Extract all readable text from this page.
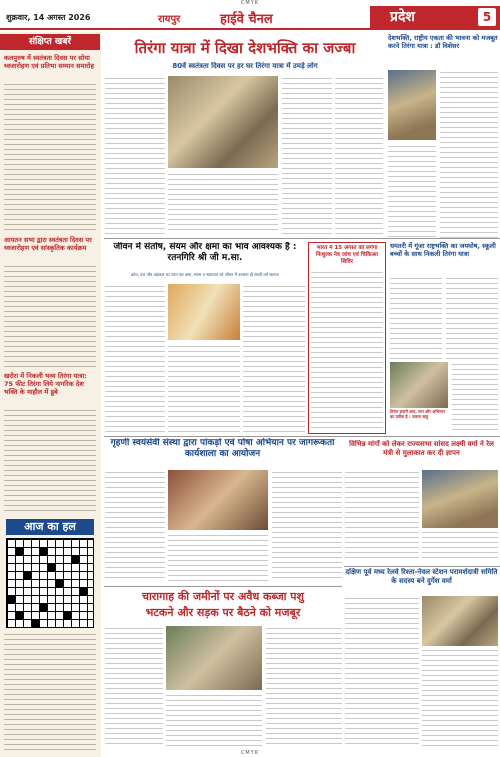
CMYK
शुक्रवार, 14 अगस्त 2026	रायपुर	हाईवे चैनल	प्रदेश	5
संक्षिप्त खबरें
कलपुरुष में स्वतंत्रता दिवस पर सोया ध्वजारोहण एवं प्रतिभा सम्मान समारोह
आयतन सभा द्वारा स्वतंत्रता दिवस पर ध्वजारोहण एवं सांस्कृतिक कार्यक्रम
खरोरा में निकली भव्य तिरंगा यात्रा: 75 फीट तिरंगा लिये नागरिक देश भक्ति के माहौल में डूबे
आज का हल
तिरंगा यात्रा में दिखा देशभक्ति का जज्बा
80वें स्वतंत्रता दिवस पर हर घर तिरंगा यात्रा में उमड़े लोग
देशभक्ति, राष्ट्रीय एकता की भावना को मजबूत करने तिरंगा यात्रा : डॉ विशेसर
जीवन में संतोष, संयम और क्षमा का भाव आवश्यक है : रतनगिरि श्री जी म.सा.
क्रोध, दंभ और अहंकार का त्याग कर क्षमा, संयम व स्वाध्याय को जीवन में उतारना ही सच्ची धर्म साधना
भारत में 15 अगस्त को लगेगा निःशुल्क नेत्र जांच एवं चिकित्सा शिविर
धमतरी में गूंजा राष्ट्रभक्ति का जयघोष, स्कूली बच्चों के साथ निकली तिरंगा यात्रा
तिरंगा हमारी शान, मान और अभिमान का प्रतीक है : उजला साहू
गृहणी स्वयंसेवी संस्था द्वारा पांकड़ो एवं पोषा अभियान पर जागरूकता कार्यशाला का आयोजन
विभिन्न मांगों को लेकर राज्यसभा सांसद लक्ष्मी वर्मा ने रेल मंत्री से मुलाकात कर दी ज्ञापन
दक्षिण पूर्व मध्य रेलवे रिश्ता-नेवल स्टेशन परामर्शदात्री समिति के सदस्य बने दुर्गेश वर्मा
चारागाह की जमीनों पर अवैध कब्जा पशु
भटकने और सड़क पर बैठने को मजबूर
CMYK
